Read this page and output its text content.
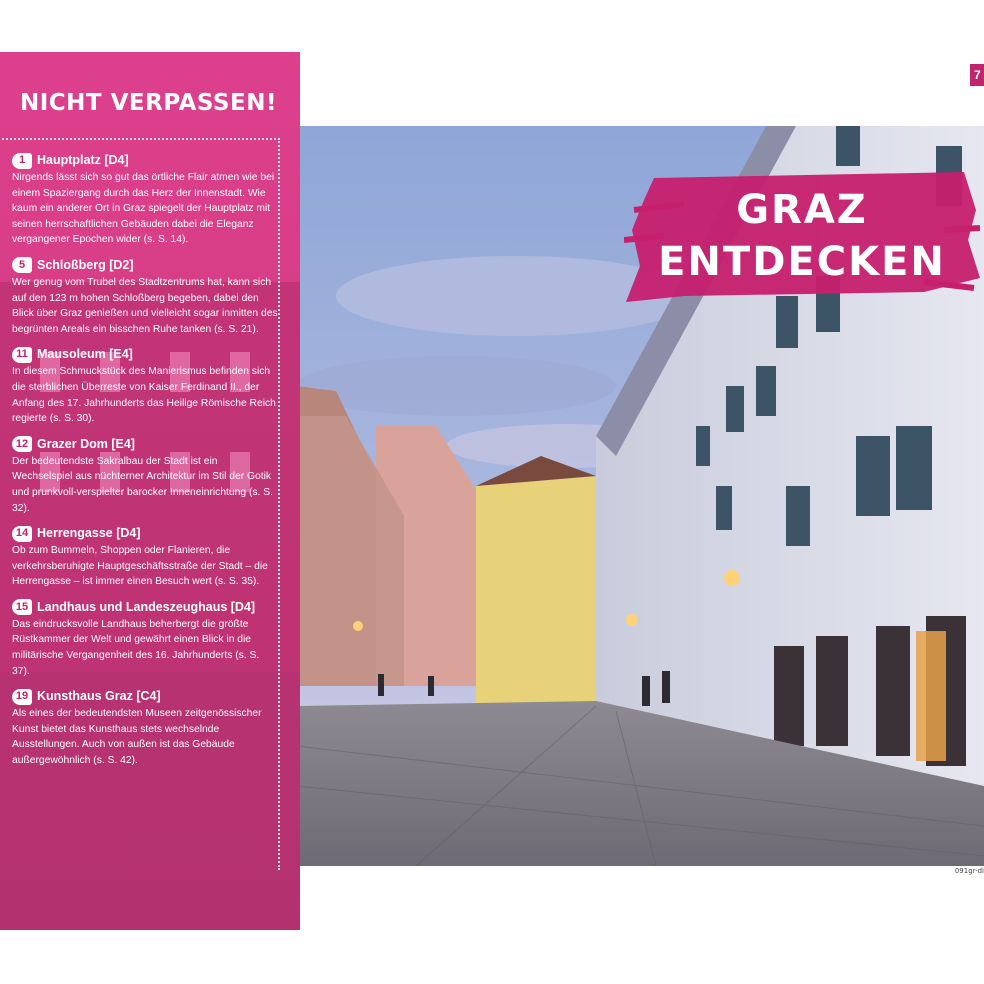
091gr-di
7
GRAZ
ENTDECKEN
NICHT VERPASSEN!
1 Hauptplatz [D4]
Nirgends lässt sich so gut das örtliche Flair atmen wie bei einem Spaziergang durch das Herz der Innenstadt. Wie kaum ein anderer Ort in Graz spiegelt der Hauptplatz mit seinen herrschaftlichen Gebäuden dabei die Eleganz vergangener Epochen wider (s. S. 14).
5 Schloßberg [D2]
Wer genug vom Trubel des Stadtzentrums hat, kann sich auf den 123 m hohen Schloßberg begeben, dabei den Blick über Graz genießen und vielleicht sogar inmitten des begrünten Areals ein bisschen Ruhe tanken (s. S. 21).
11 Mausoleum [E4]
In diesem Schmuckstück des Manierismus befinden sich die sterblichen Überreste von Kaiser Ferdinand II., der Anfang des 17. Jahrhunderts das Heilige Römische Reich regierte (s. S. 30).
12 Grazer Dom [E4]
Der bedeutendste Sakralbau der Stadt ist ein Wechselspiel aus nüchterner Architektur im Stil der Gotik und prunkvoll-verspielter barocker Inneneinrichtung (s. S. 32).
14 Herrengasse [D4]
Ob zum Bummeln, Shoppen oder Flanieren, die verkehrsberuhigte Hauptgeschäftsstraße der Stadt – die Herrengasse – ist immer einen Besuch wert (s. S. 35).
15 Landhaus und Landeszeughaus [D4]
Das eindrucksvolle Landhaus beherbergt die größte Rüstkammer der Welt und gewährt einen Blick in die militärische Vergangenheit des 16. Jahrhunderts (s. S. 37).
19 Kunsthaus Graz [C4]
Als eines der bedeutendsten Museen zeitgenössischer Kunst bietet das Kunsthaus stets wechselnde Ausstellungen. Auch von außen ist das Gebäude außergewöhnlich (s. S. 42).
